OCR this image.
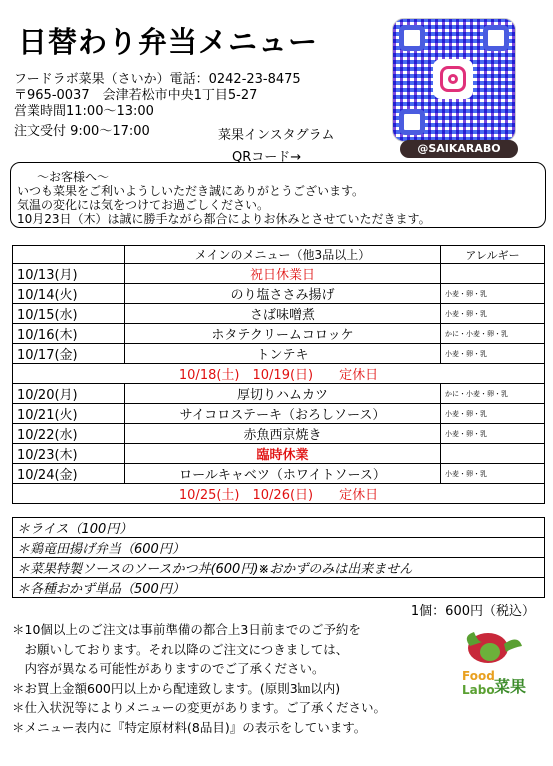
日替わり弁当メニュー
フードラボ菜果（さいか）電話：0242-23-8475
〒965-0037　会津若松市中央1丁目5-27
営業時間11:00～13:00
注文受付 9:00～17:00	菜果インスタグラム
QRコード→
@SAIKARABO
～お客様へ～
いつも菜果をご利いようしいただき誠にありがとうございます。
気温の変化には気をつけてお過ごしください。
10月23日（木）は誠に勝手ながら都合によりお休みとさせていただきます。
	メインのメニュー（他3品以上）	アレルギー
10/13(月)	祝日休業日	
10/14(火)	のり塩ささみ揚げ	小麦・卵・乳
10/15(水)	さば味噌煮	小麦・卵・乳
10/16(木)	ホタテクリームコロッケ	かに・小麦・卵・乳
10/17(金)	トンテキ	小麦・卵・乳
10/18(土)　10/19(日)　　定休日		
10/20(月)	厚切りハムカツ	かに・小麦・卵・乳
10/21(火)	サイコロステーキ（おろしソース）	小麦・卵・乳
10/22(水)	赤魚西京焼き	小麦・卵・乳
10/23(木)	臨時休業	
10/24(金)	ロールキャベツ（ホワイトソース）	小麦・卵・乳
10/25(土)　10/26(日)　　定休日		
＊ライス（100円）
＊鶏竜田揚げ弁当（600円）
＊菜果特製ソースのソースかつ丼(600円)※おかずのみは出来ません
＊各種おかず単品（500円）
1個：600円（税込）
＊10個以上のご注文は事前準備の都合上3日前までのご予約を
　お願いしております。それ以降のご注文につきましては、
　内容が異なる可能性がありますのでご了承ください。
＊お買上金額600円以上から配達致します。(原則3㎞以内)
＊仕入状況等によりメニューの変更があります。ご了承ください。
＊メニュー表内に『特定原材料(8品目)』の表示をしています。
Food
Labo 菜果
